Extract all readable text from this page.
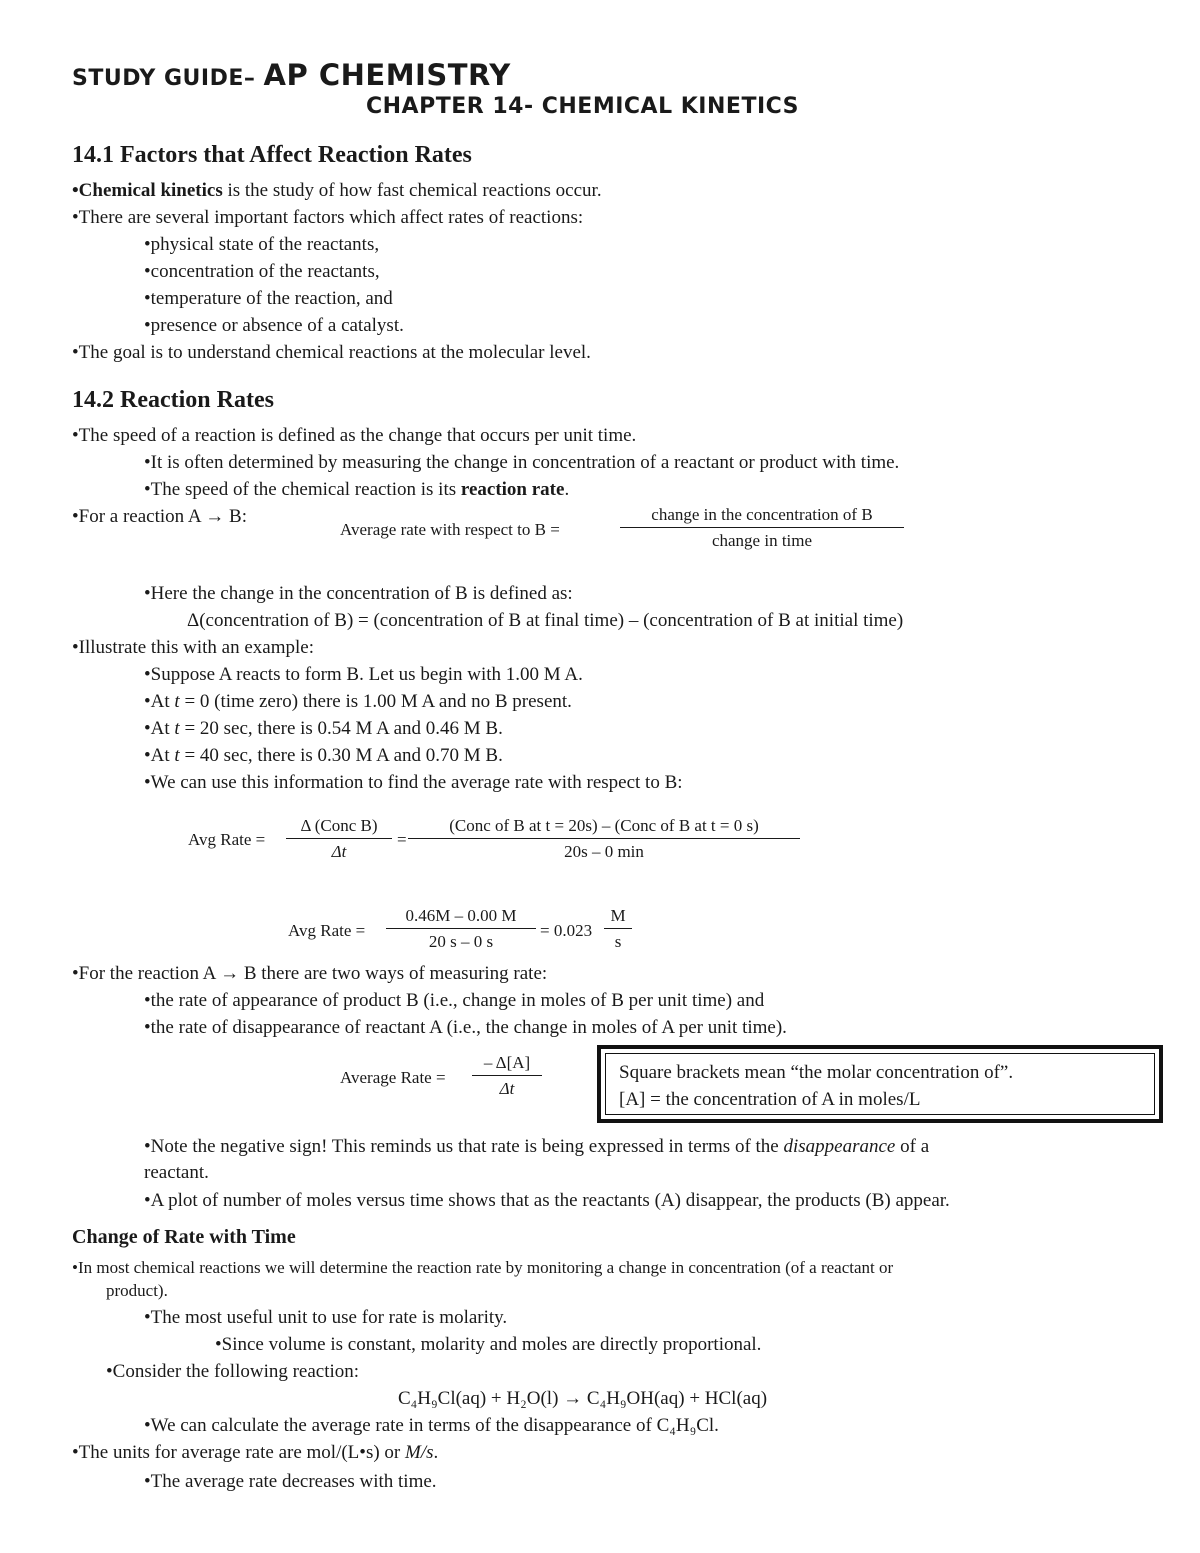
STUDY GUIDE– AP CHEMISTRY
CHAPTER 14- CHEMICAL KINETICS
14.1 Factors that Affect Reaction Rates
•Chemical kinetics is the study of how fast chemical reactions occur.
•There are several important factors which affect rates of reactions:
•physical state of the reactants,
•concentration of the reactants,
•temperature of the reaction, and
•presence or absence of a catalyst.
•The goal is to understand chemical reactions at the molecular level.
14.2 Reaction Rates
•The speed of a reaction is defined as the change that occurs per unit time.
•It is often determined by measuring the change in concentration of a reactant or product with time.
•The speed of the chemical reaction is its reaction rate.
•For a reaction A → B:
Average rate with respect to B =
change in the concentration of B
change in time
•Here the change in the concentration of B is defined as:
Δ(concentration of B) = (concentration of B at final time) – (concentration of B at initial time)
•Illustrate this with an example:
•Suppose A reacts to form B. Let us begin with 1.00 M A.
•At t = 0 (time zero) there is 1.00 M A and no B present.
•At t = 20 sec, there is 0.54 M A and 0.46 M B.
•At t = 40 sec, there is 0.30 M A and 0.70 M B.
•We can use this information to find the average rate with respect to B:
Avg Rate =
Δ (Conc B)
Δt
=
(Conc of B at t = 20s) – (Conc of B at t = 0 s)
20s – 0 min
Avg Rate = $\frac{0.46M - 0.00 M}{20 s - 0 s} = 0.023 \frac{M}{s}$
•For the reaction A → B there are two ways of measuring rate:
•the rate of appearance of product B (i.e., change in moles of B per unit time) and
•the rate of disappearance of reactant A (i.e., the change in moles of A per unit time).
Average Rate = $\frac{- \Delta[A]}{\Delta t}$	Square brackets mean “the molar concentration of”.
[A] = the concentration of A in moles/L
•Note the negative sign! This reminds us that rate is being expressed in terms of the disappearance of a
reactant.
•A plot of number of moles versus time shows that as the reactants (A) disappear, the products (B) appear.
Change of Rate with Time
•In most chemical reactions we will determine the reaction rate by monitoring a change in concentration (of a reactant or
product).
•The most useful unit to use for rate is molarity.
•Since volume is constant, molarity and moles are directly proportional.
•Consider the following reaction:
C₄H₉Cl(aq) + H₂O(l) → C₄H₉OH(aq) + HCl(aq)
•We can calculate the average rate in terms of the disappearance of C₄H₉Cl.
•The units for average rate are mol/(L•s) or M/s.
•The average rate decreases with time.
